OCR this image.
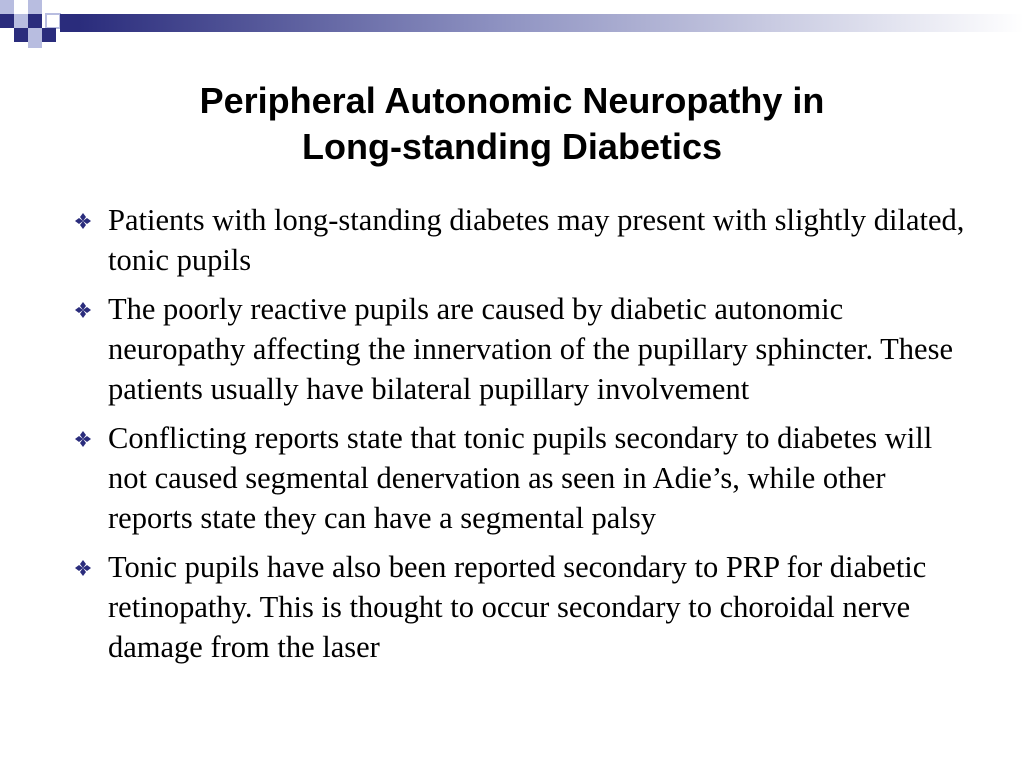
Peripheral Autonomic Neuropathy in
Long-standing Diabetics
Patients with long-standing diabetes may present with slightly dilated, tonic pupils
The poorly reactive pupils are caused by diabetic autonomic neuropathy affecting the innervation of the pupillary sphincter. These patients usually have bilateral pupillary involvement
Conflicting reports state that tonic pupils secondary to diabetes will not caused segmental denervation as seen in Adie’s, while other reports state they can have a segmental palsy
Tonic pupils have also been reported secondary to PRP for diabetic retinopathy. This is thought to occur secondary to choroidal nerve damage from the laser
